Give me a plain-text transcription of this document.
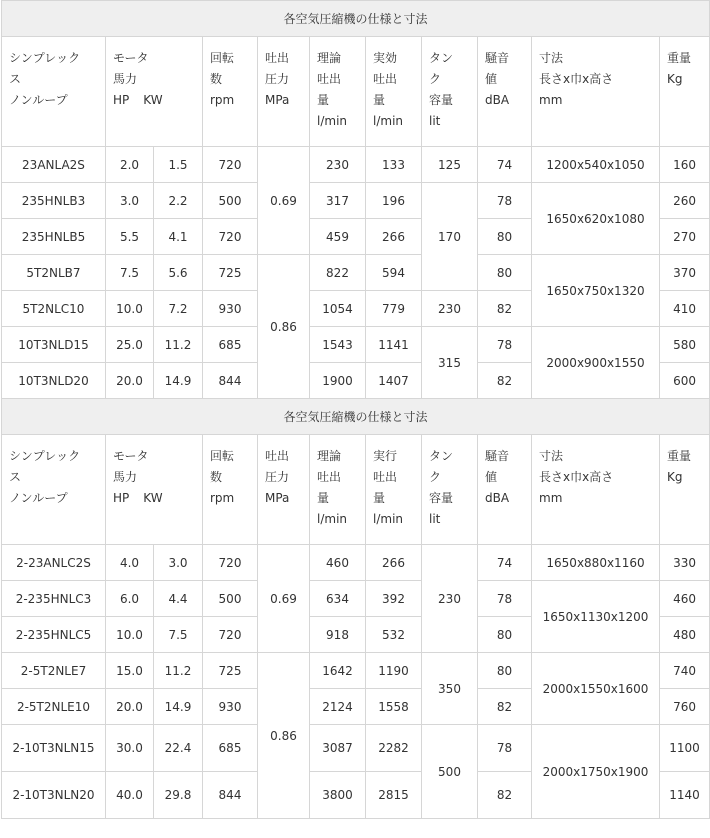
各空気圧縮機の仕様と寸法										

シンプレック
ス
ノンループ	モータ
馬力
HP KW		回転
数
rpm	吐出
圧力
MPa	理論
吐出
量
l/min	実効
吐出
量
l/min	タン
ク
容量
lit	騒音
値
dBA	寸法
長さx巾x高さ
mm	重量
Kg

23ANLA2S	2.0	1.5	720	0.69	230	133	125	74	1200x540x1050	160
235HNLB3	3.0	2.2	500		317	196	170	78	1650x620x1080	260
235HNLB5	5.5	4.1	720		459	266		80		270
5T2NLB7	7.5	5.6	725	0.86	822	594		80	1650x750x1320	370
5T2NLC10	10.0	7.2	930		1054	779	230	82		410
10T3NLD15	25.0	11.2	685		1543	1141	315	78	2000x900x1550	580
10T3NLD20	20.0	14.9	844		1900	1407		82		600
各空気圧縮機の仕様と寸法										

シンプレック
ス
ノンループ	モータ
馬力
HP KW		回転
数
rpm	吐出
圧力
MPa	理論
吐出
量
l/min	実行
吐出
量
l/min	タン
ク
容量
lit	騒音
値
dBA	寸法
長さx巾x高さ
mm	重量
Kg

2-23ANLC2S	4.0	3.0	720	0.69	460	266	230	74	1650x880x1160	330
2-235HNLC3	6.0	4.4	500		634	392		78	1650x1130x1200	460
2-235HNLC5	10.0	7.5	720		918	532		80		480
2-5T2NLE7	15.0	11.2	725	0.86	1642	1190	350	80	2000x1550x1600	740
2-5T2NLE10	20.0	14.9	930		2124	1558		82		760
2-​10T3NLN15	30.0	22.4	685		3087	2282	500	78	2000x1750x1900	1100
2-​10T3NLN20	40.0	29.8	844		3800	2815		82		1140
